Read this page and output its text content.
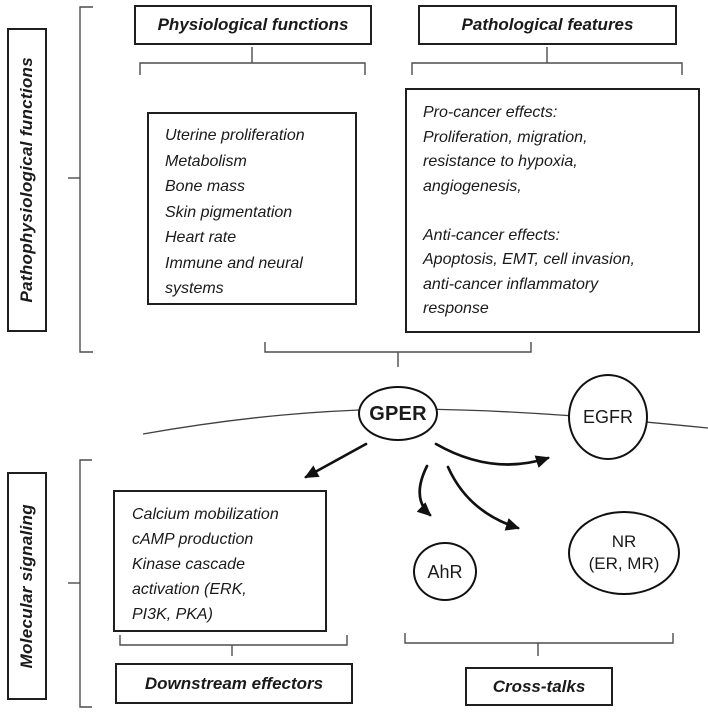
Pathophysiological functions
Molecular signaling
Physiological functions	Pathological features
Uterine proliferation
Metabolism
Bone mass
Skin pigmentation
Heart rate
Immune and neural
systems
Pro-cancer effects:
Proliferation, migration,
resistance to hypoxia,
angiogenesis,
Anti-cancer effects:
Apoptosis, EMT, cell invasion,
anti-cancer inflammatory
response
Calcium mobilization
cAMP production
Kinase cascade
activation (ERK,
PI3K, PKA)
Downstream effectors	Cross-talks
GPER	EGFR
AhR
NR
(ER, MR)
